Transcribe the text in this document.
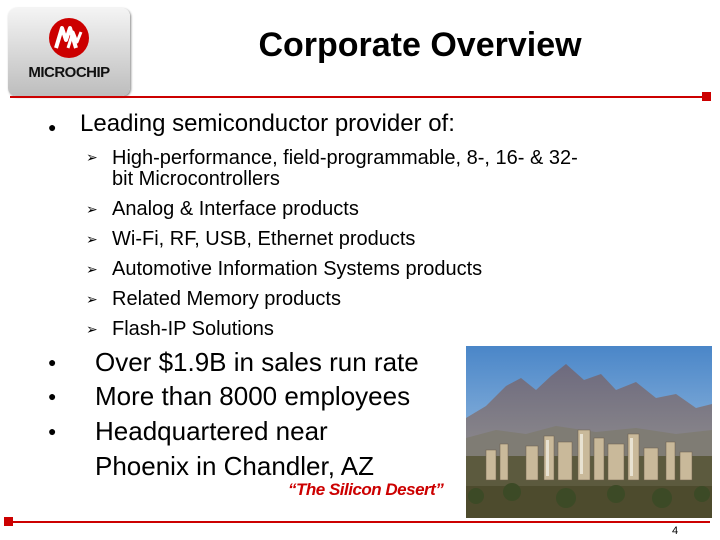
MICROCHIP
Corporate Overview
● Leading semiconductor provider of:
➢ High-performance, field-programmable, 8-, 16- & 32-
bit Microcontrollers
➢ Analog & Interface products
➢ Wi-Fi, RF, USB, Ethernet products
➢ Automotive Information Systems products
➢ Related Memory products
➢ Flash-IP Solutions
● Over $1.9B in sales run rate
● More than 8000 employees
● Headquartered near
Phoenix in Chandler, AZ
“The Silicon Desert”
4
